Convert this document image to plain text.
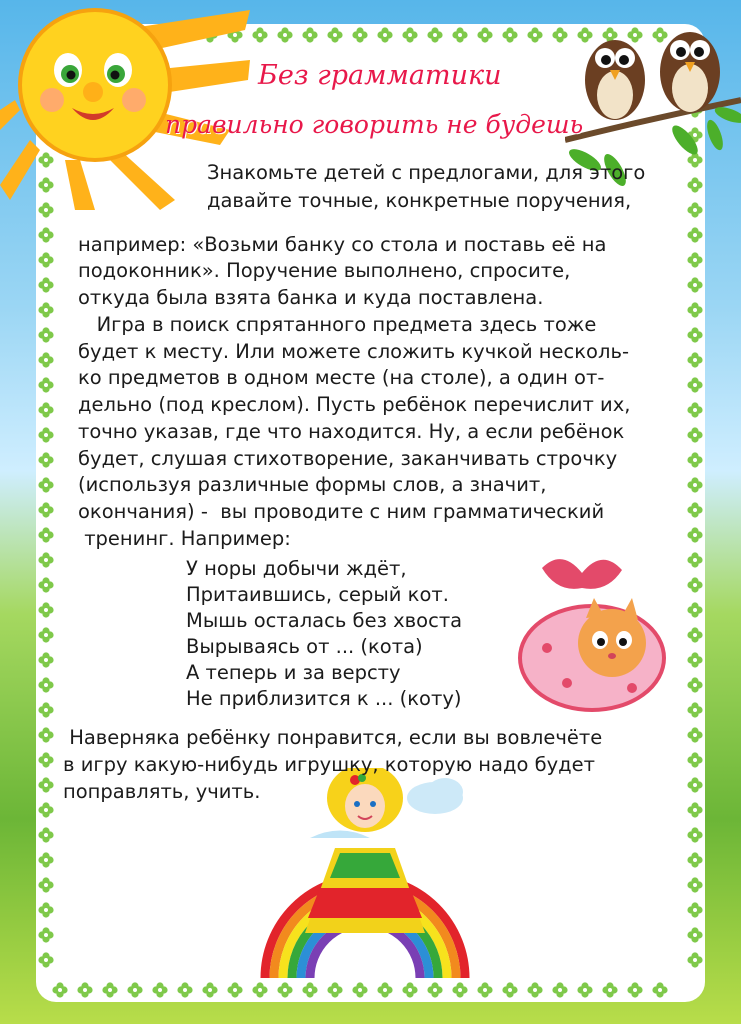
Без грамматики

правильно говорить не будешь

Знакомьте детей с предлогами, для этого

давайте точные, конкретные поручения,

например: «Возьми банку со стола и поставь её на

подоконник». Поручение выполнено, спросите,

откуда была взята банка и куда поставлена.

Игра в поиск спрятанного предмета здесь тоже

будет к месту. Или можете сложить кучкой несколь-

ко предметов в одном месте (на столе), а один от-

дельно (под креслом). Пусть ребёнок перечислит их,

точно указав, где что находится. Ну, а если ребёнок

будет, слушая стихотворение, заканчивать строчку

(используя различные формы слов, а значит,

окончания) -  вы проводите с ним грамматический

тренинг. Например:

У норы добычи ждёт,

Притаившись, серый кот.

Мышь осталась без хвоста

Вырываясь от ... (кота)

А теперь и за версту

Не приблизится к ... (коту)

Наверняка ребёнку понравится, если вы вовлечёте

в игру какую-нибудь игрушку, которую надо будет

поправлять, учить.
